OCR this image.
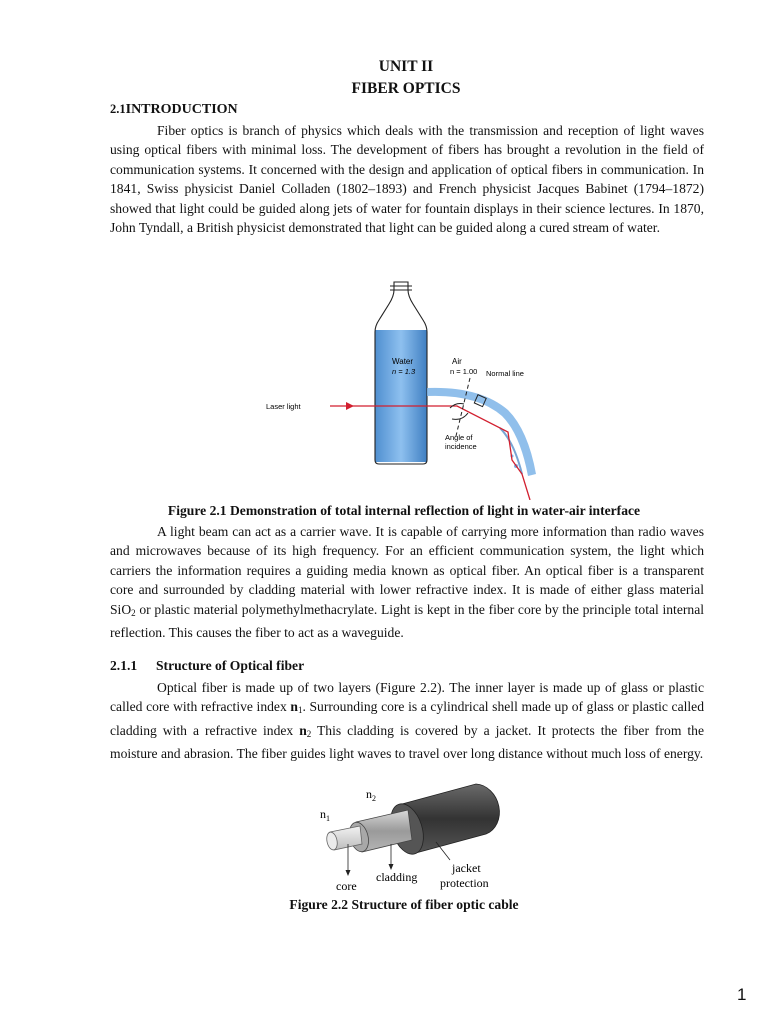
UNIT II
FIBER OPTICS
2.1INTRODUCTION
Fiber optics is branch of physics which deals with the transmission and reception of light waves using optical fibers with minimal loss. The development of fibers has brought a revolution in the field of communication systems. It concerned with the design and application of optical fibers in communication. In 1841, Swiss physicist Daniel Colladen (1802–1893) and French physicist Jacques Babinet (1794–1872) showed that light could be guided along jets of water for fountain displays in their science lectures. In 1870, John Tyndall, a British physicist demonstrated that light can be guided along a cured stream of water.
Water
n = 1.3
Air
n = 1.00 Normal line
Laser light
Angle of
incidence
Figure 2.1 Demonstration of total internal reflection of light in water-air interface
A light beam can act as a carrier wave. It is capable of carrying more information than radio waves and microwaves because of its high frequency. For an efficient communication system, the light which carriers the information requires a guiding media known as optical fiber. An optical fiber is a transparent core and surrounded by cladding material with lower refractive index. It is made of either glass material SiO$_2$ or plastic material polymethylmethacrylate. Light is kept in the fiber core by the principle total internal reflection. This causes the fiber to act as a waveguide.
2.1.1 Structure of Optical fiber
Optical fiber is made up of two layers (Figure 2.2). The inner layer is made up of glass or plastic called core with refractive index $n_1$. Surrounding core is a cylindrical shell made up of glass or plastic called cladding with a refractive index $n_2$ This cladding is covered by a jacket. It protects the fiber from the moisture and abrasion. The fiber guides light waves to travel over long distance without much loss of energy.
$n_1$
$n_2$
core
cladding
jacket
protection
Figure 2.2 Structure of fiber optic cable
1
